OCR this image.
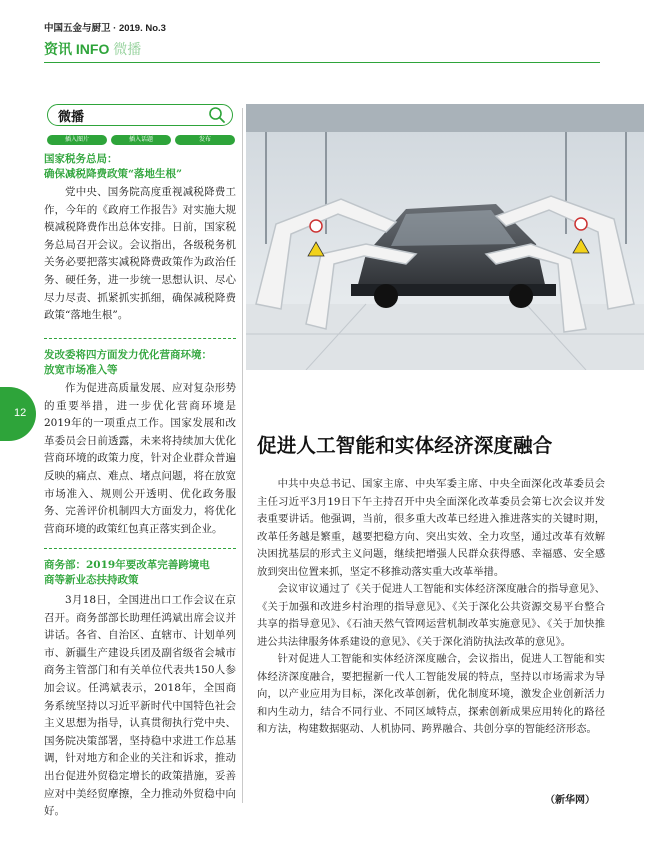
中国五金与厨卫 · 2019. No.3
资讯 INFO 微播
微播
插入图片	插入话题	发布
国家税务总局：
确保减税降费政策“落地生根”

党中央、国务院高度重视减税降费工作，今年的《政府工作报告》对实施大规模减税降费作出总体安排。日前，国家税务总局召开会议。会议指出，各级税务机关务必要把落实减税降费政策作为政治任务、硬任务，进一步统一思想认识、尽心尽力尽责、抓紧抓实抓细，确保减税降费政策“落地生根”。

发改委将四方面发力优化营商环境：
放宽市场准入等

作为促进高质量发展、应对复杂形势的重要举措，进一步优化营商环境是2019年的一项重点工作。国家发展和改革委员会日前透露，未来将持续加大优化营商环境的政策力度，针对企业群众普遍反映的痛点、难点、堵点问题，将在放宽市场准入、规则公开透明、优化政务服务、完善评价机制四大方面发力，将优化营商环境的政策红包真正落实到企业。

商务部：2019年要改革完善跨境电
商等新业态扶持政策

3月18日，全国进出口工作会议在京召开。商务部部长助理任鸿斌出席会议并讲话。各省、自治区、直辖市、计划单列市、新疆生产建设兵团及副省级省会城市商务主管部门和有关单位代表共150人参加会议。任鸿斌表示，2018年，全国商务系统坚持以习近平新时代中国特色社会主义思想为指导，认真贯彻执行党中央、国务院决策部署，坚持稳中求进工作总基调，针对地方和企业的关注和诉求，推动出台促进外贸稳定增长的政策措施，妥善应对中美经贸摩擦，全力推动外贸稳中向好。

12
促进人工智能和实体经济深度融合

中共中央总书记、国家主席、中央军委主席、中央全面深化改革委员会主任习近平3月19日下午主持召开中央全面深化改革委员会第七次会议并发表重要讲话。他强调，当前，很多重大改革已经进入推进落实的关键时期，改革任务越是繁重，越要把稳方向、突出实效、全力攻坚，通过改革有效解决困扰基层的形式主义问题，继续把增强人民群众获得感、幸福感、安全感放到突出位置来抓，坚定不移推动落实重大改革举措。

会议审议通过了《关于促进人工智能和实体经济深度融合的指导意见》、《关于加强和改进乡村治理的指导意见》、《关于深化公共资源交易平台整合共享的指导意见》、《石油天然气管网运营机制改革实施意见》、《关于加快推进公共法律服务体系建设的意见》、《关于深化消防执法改革的意见》。

针对促进人工智能和实体经济深度融合，会议指出，促进人工智能和实体经济深度融合，要把握新一代人工智能发展的特点，坚持以市场需求为导向，以产业应用为目标，深化改革创新，优化制度环境，激发企业创新活力和内生动力，结合不同行业、不同区域特点，探索创新成果应用转化的路径和方法，构建数据驱动、人机协同、跨界融合、共创分享的智能经济形态。

（新华网）
